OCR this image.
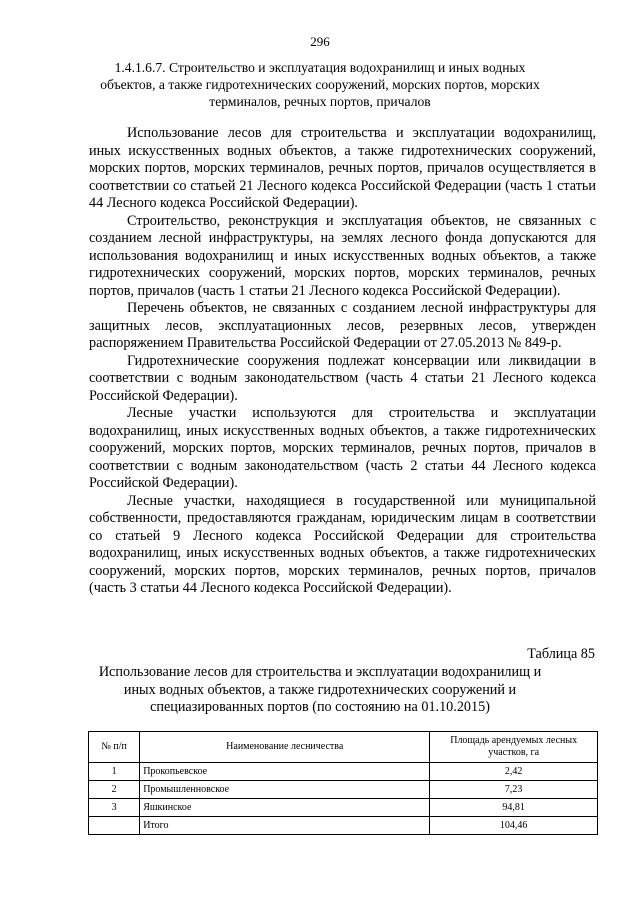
296
1.4.1.6.7. Строительство и эксплуатация водохранилищ и иных водных объектов, а также гидротехнических сооружений, морских портов, морских терминалов, речных портов, причалов

Использование лесов для строительства и эксплуатации водохранилищ, иных искусственных водных объектов, а также гидротехнических сооружений, морских портов, морских терминалов, речных портов, причалов осуществляется в соответствии со статьей 21 Лесного кодекса Российской Федерации (часть 1 статьи 44 Лесного кодекса Российской Федерации).

Строительство, реконструкция и эксплуатация объектов, не связанных с созданием лесной инфраструктуры, на землях лесного фонда допускаются для использования водохранилищ и иных искусственных водных объектов, а также гидротехнических сооружений, морских портов, морских терминалов, речных портов, причалов (часть 1 статьи 21 Лесного кодекса Российской Федерации).

Перечень объектов, не связанных с созданием лесной инфраструктуры для защитных лесов, эксплуатационных лесов, резервных лесов, утвержден распоряжением Правительства Российской Федерации от 27.05.2013 № 849-р.

Гидротехнические сооружения подлежат консервации или ликвидации в соответствии с водным законодательством (часть 4 статьи 21 Лесного кодекса Российской Федерации).

Лесные участки используются для строительства и эксплуатации водохранилищ, иных искусственных водных объектов, а также гидротехнических сооружений, морских портов, морских терминалов, речных портов, причалов в соответствии с водным законодательством (часть 2 статьи 44 Лесного кодекса Российской Федерации).

Лесные участки, находящиеся в государственной или муниципальной собственности, предоставляются гражданам, юридическим лицам в соответствии со статьей 9 Лесного кодекса Российской Федерации для строительства водохранилищ, иных искусственных водных объектов, а также гидротехнических сооружений, морских портов, морских терминалов, речных портов, причалов (часть 3 статьи 44 Лесного кодекса Российской Федерации).

Таблица 85
Использование лесов для строительства и эксплуатации водохранилищ и иных водных объектов, а также гидротехнических сооружений и специазированных портов (по состоянию на 01.10.2015)
№ п/п	Наименование лесничества	Площадь арендуемых лесных участков, га
1	Прокопьевское	2,42
2	Промышленновское	7,23
3	Яшкинское	94,81
	Итого	104,46
